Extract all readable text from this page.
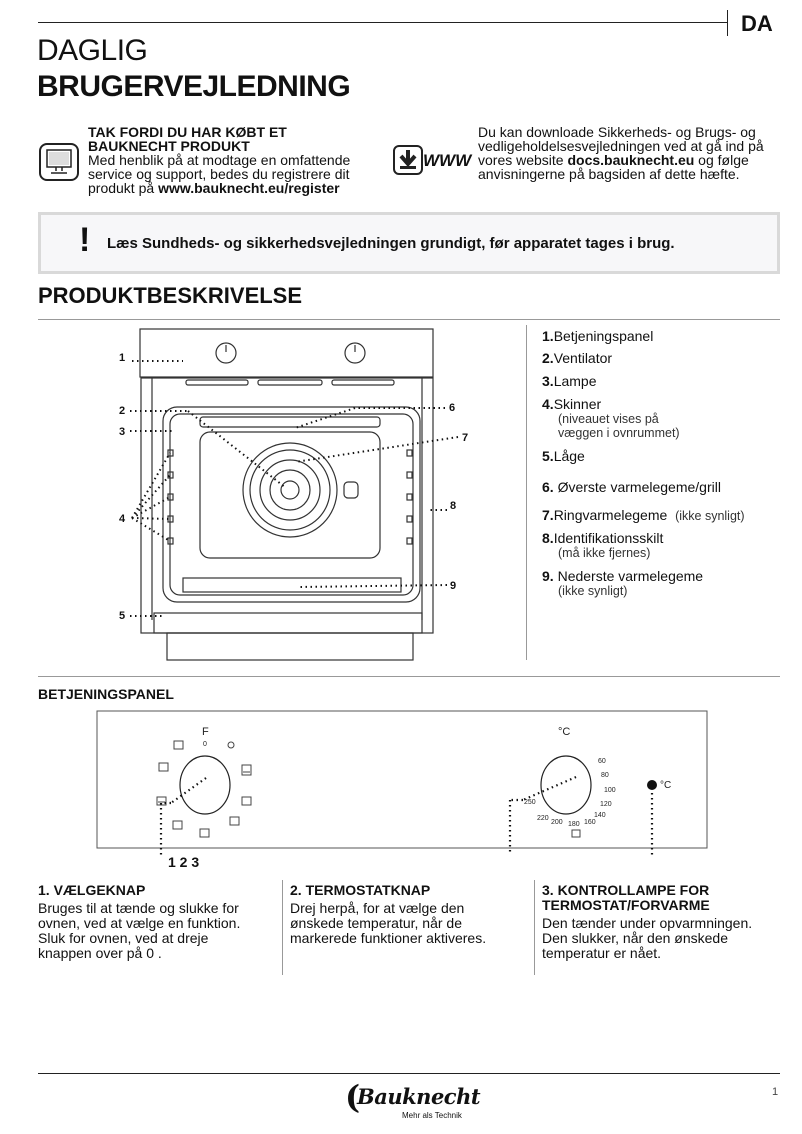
DA
DAGLIG
BRUGERVEJLEDNING
TAK FORDI DU HAR KØBT ET
BAUKNECHT PRODUKT
Med henblik på at modtage en omfattende
service og support, bedes du registrere dit
produkt på www.bauknecht.eu/register
WWW
Du kan downloade Sikkerheds- og Brugs- og
vedligeholdelsesvejledningen ved at gå ind på
vores website docs.bauknecht.eu og følge
anvisningerne på bagsiden af dette hæfte.
! Læs Sundheds- og sikkerhedsvejledningen grundigt, før apparatet tages i brug.
PRODUKTBESKRIVELSE
1
2
3
4
5
6
7
8
9
1.Betjeningspanel
2.Ventilator
3.Lampe
4.Skinner
(niveauet vises på
væggen i ovnrummet)
5.Låge
6. Øverste varmelegeme/grill
7.Ringvarmelegeme (ikke synligt)
8.Identifikationsskilt
(må ikke fjernes)
9. Nederste varmelegeme
(ikke synligt)
BETJENINGSPANEL
F
0
°C
°C
60
80
100
120
140
160
180
200
220
250
1 2 3
1. VÆLGEKNAP

Bruges til at tænde og slukke for

ovnen, ved at vælge en funktion.

Sluk for ovnen, ved at dreje

knappen over på 0 .

2. TERMOSTATKNAP

Drej herpå, for at vælge den

ønskede temperatur, når de

markerede funktioner aktiveres.

3. KONTROLLAMPE FOR
TERMOSTAT/FORVARME

Den tænder under opvarmningen.

Den slukker, når den ønskede

temperatur er nået.

(
Bauknecht
Mehr als Technik
1
